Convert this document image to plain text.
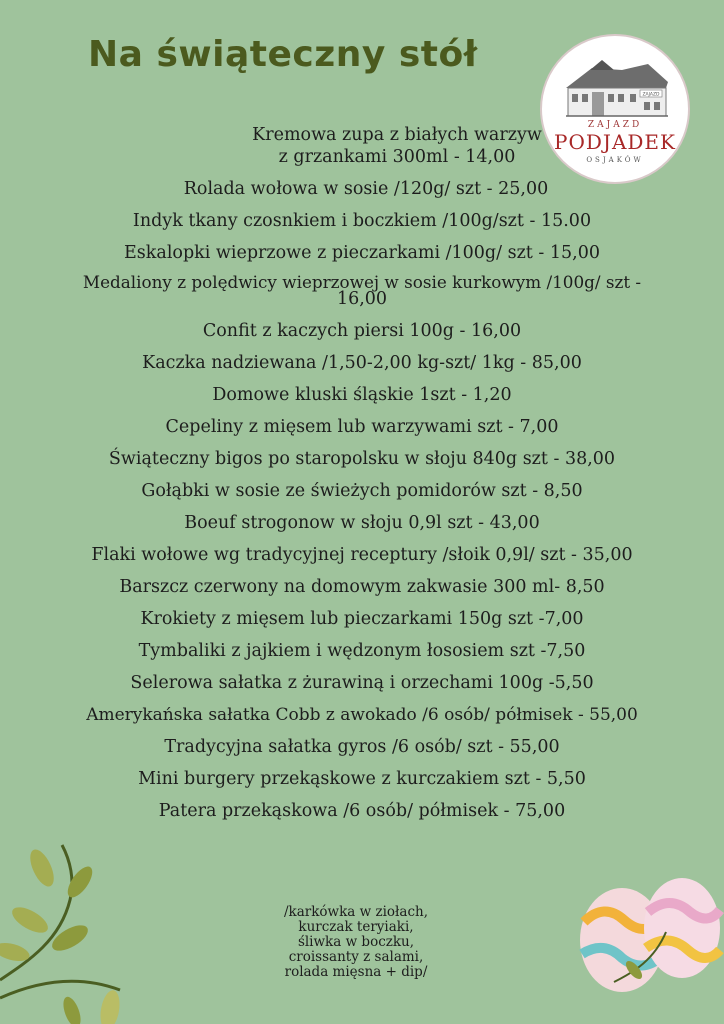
Na świąteczny stół
ZAJAZD
ZAJAZD
PODJADEK
OSJAKÓW
Kremowa zupa z białych warzyw
z grzankami 300ml - 14,00
Rolada wołowa w sosie /120g/ szt - 25,00
Indyk tkany czosnkiem i boczkiem /100g/szt - 15.00
Eskalopki wieprzowe z pieczarkami /100g/ szt - 15,00
Medaliony z polędwicy wieprzowej w sosie kurkowym /100g/ szt -
16,00
Confit z kaczych piersi 100g - 16,00
Kaczka nadziewana /1,50-2,00 kg-szt/ 1kg - 85,00
Domowe kluski śląskie 1szt - 1,20
Cepeliny z mięsem lub warzywami szt - 7,00
Świąteczny bigos po staropolsku w słoju 840g szt - 38,00
Gołąbki w sosie ze świeżych pomidorów szt - 8,50
Boeuf strogonow w słoju 0,9l szt - 43,00
Flaki wołowe wg tradycyjnej receptury /słoik 0,9l/ szt - 35,00
Barszcz czerwony na domowym zakwasie 300 ml- 8,50
Krokiety z mięsem lub pieczarkami 150g szt -7,00
Tymbaliki z jajkiem i wędzonym łososiem szt -7,50
Selerowa sałatka z żurawiną i orzechami 100g -5,50
Amerykańska sałatka Cobb z awokado /6 osób/ półmisek - 55,00
Tradycyjna sałatka gyros /6 osób/ szt - 55,00
Mini burgery przekąskowe z kurczakiem szt - 5,50
Patera przekąskowa /6 osób/ półmisek - 75,00
/karkówka w ziołach,
kurczak teryiaki,
śliwka w boczku,
croissanty z salami,
rolada mięsna + dip/
